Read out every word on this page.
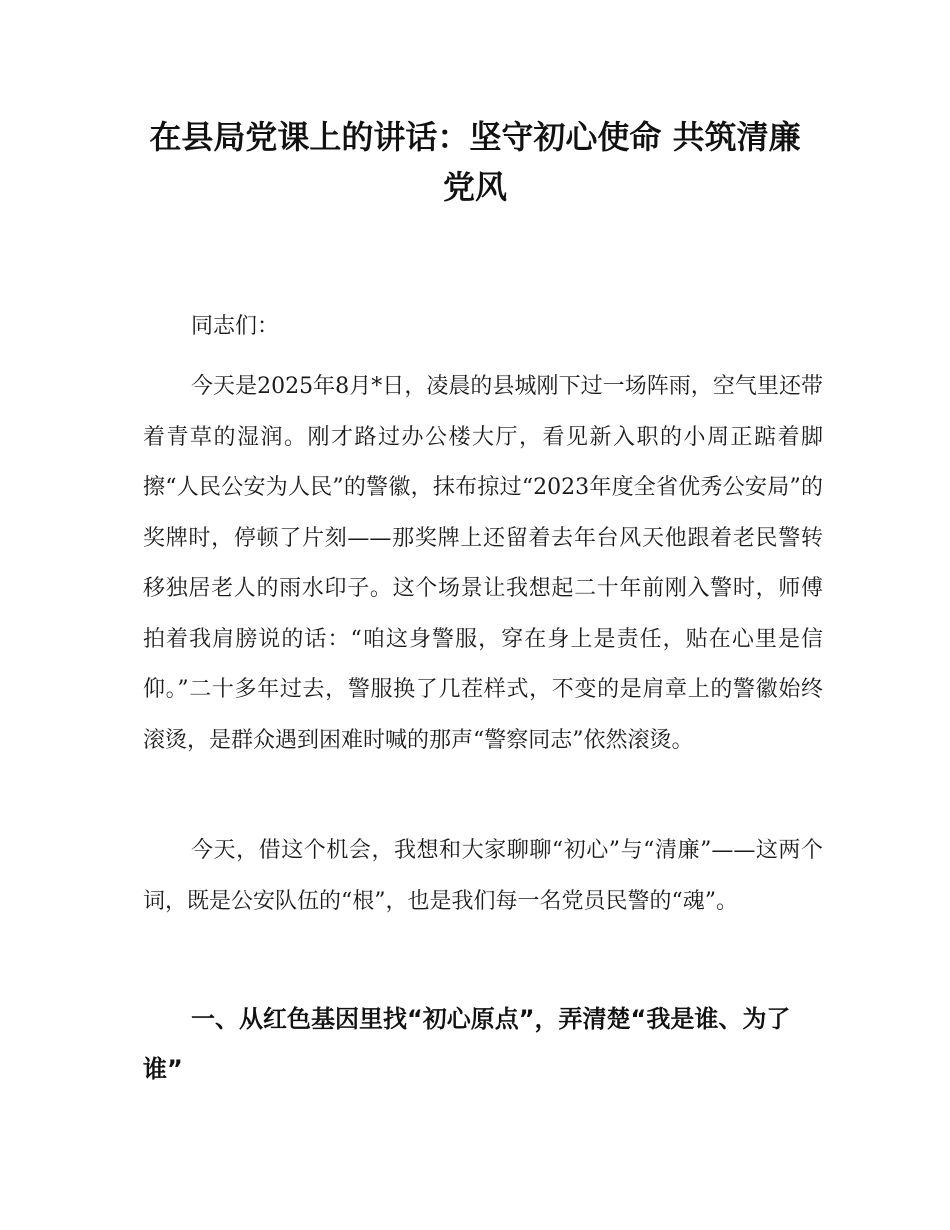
在县局党课上的讲话：坚守初心使命 共筑清廉党风

同志们：

今天是2025年8月*日，凌晨的县城刚下过一场阵雨，空气里还带着青草的湿润。刚才路过办公楼大厅，看见新入职的小周正踮着脚擦“人民公安为人民”的警徽，抹布掠过“2023年度全省优秀公安局”的奖牌时，停顿了片刻——那奖牌上还留着去年台风天他跟着老民警转移独居老人的雨水印子。这个场景让我想起二十年前刚入警时，师傅拍着我肩膀说的话：“咱这身警服，穿在身上是责任，贴在心里是信仰。”二十多年过去，警服换了几茬样式，不变的是肩章上的警徽始终滚烫，是群众遇到困难时喊的那声“警察同志”依然滚烫。

今天，借这个机会，我想和大家聊聊“初心”与“清廉”——这两个词，既是公安队伍的“根”，也是我们每一名党员民警的“魂”。

一、从红色基因里找“初心原点”，弄清楚“我是谁、为了谁”
